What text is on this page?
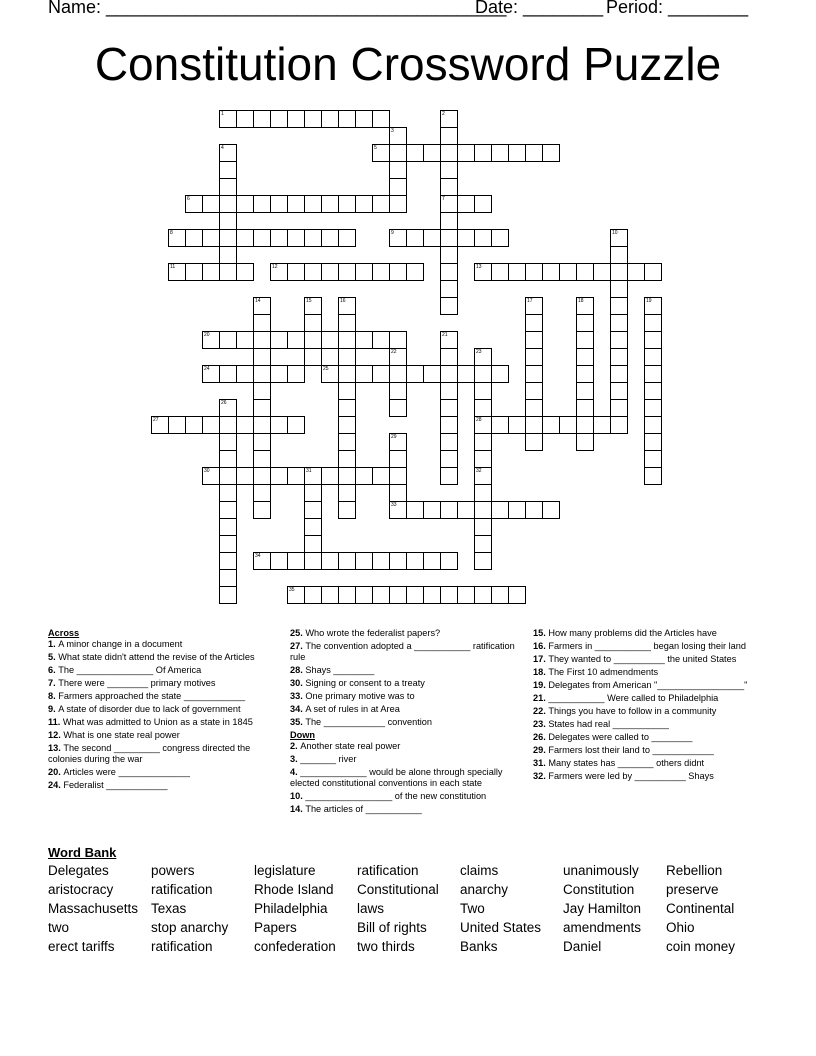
Name: ________________________________________
Date: ________ Period: ________
Constitution Crossword Puzzle
1
5
6	7
8	9
11	12	13
20
24	25
27	28
30	31
33
34
35
2
3
4
10
14	15	16	17	18	19
21
22	23
32
26
29
Across
1. A minor change in a document
5. What state didn't attend the revise of the Articles
6. The _______________ Of America
7. There were ________ primary motives
8. Farmers approached the state ____________
9. A state of disorder due to lack of government
11. What was admitted to Union as a state in 1845
12. What is one state real power
13. The second _________ congress directed the colonies during the war
20. Articles were ______________
24. Federalist ____________
25. Who wrote the federalist papers?
27. The convention adopted a ___________ ratification rule
28. Shays ________
30. Signing or consent to a treaty
33. One primary motive was to
34. A set of rules in at Area
35. The ____________ convention
Down
2. Another state real power
3. _______ river
4. _____________ would be alone through specially elected constitutional conventions in each state
10. _________________ of the new constitution
14. The articles of ___________
15. How many problems did the Articles have
16. Farmers in ___________ began losing their land
17. They wanted to __________ the united States
18. The First 10 admendments
19. Delegates from American "_________________"
21. ___________ Were called to Philadelphia
22. Things you have to follow in a community
23. States had real ___________
26. Delegates were called to ________
29. Farmers lost their land to ____________
31. Many states has _______ others didnt
32. Farmers were led by __________ Shays
Word Bank
Delegates	powers	legislature	ratification	claims	unanimously	Rebellion
aristocracy	ratification	Rhode Island	Constitutional	anarchy	Constitution	preserve
Massachusetts Texas	Philadelphia	laws	Two	Jay Hamilton	Continental
two	stop anarchy	Papers	Bill of rights	United States	amendments	Ohio
erect tariffs	ratification	confederation	two thirds	Banks	Daniel	coin money
